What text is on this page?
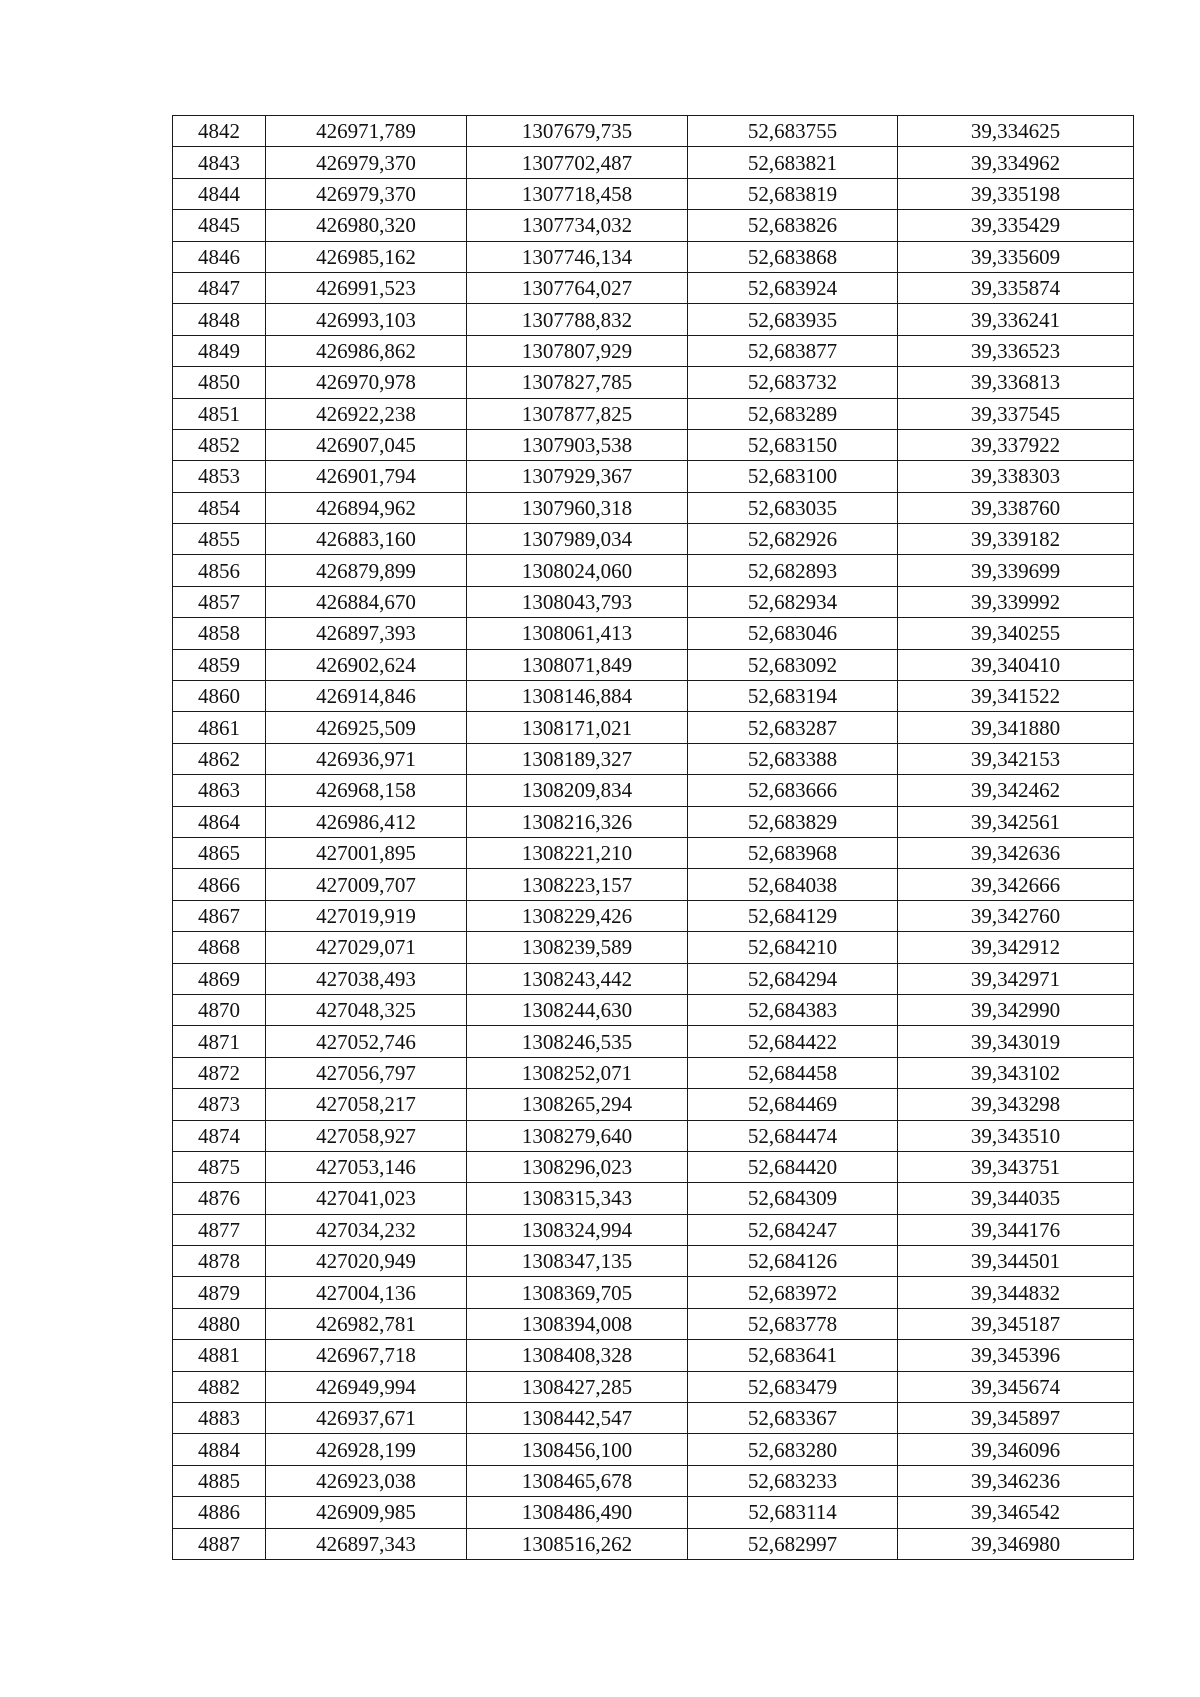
4842	426971,789	1307679,735	52,683755	39,334625
4843	426979,370	1307702,487	52,683821	39,334962
4844	426979,370	1307718,458	52,683819	39,335198
4845	426980,320	1307734,032	52,683826	39,335429
4846	426985,162	1307746,134	52,683868	39,335609
4847	426991,523	1307764,027	52,683924	39,335874
4848	426993,103	1307788,832	52,683935	39,336241
4849	426986,862	1307807,929	52,683877	39,336523
4850	426970,978	1307827,785	52,683732	39,336813
4851	426922,238	1307877,825	52,683289	39,337545
4852	426907,045	1307903,538	52,683150	39,337922
4853	426901,794	1307929,367	52,683100	39,338303
4854	426894,962	1307960,318	52,683035	39,338760
4855	426883,160	1307989,034	52,682926	39,339182
4856	426879,899	1308024,060	52,682893	39,339699
4857	426884,670	1308043,793	52,682934	39,339992
4858	426897,393	1308061,413	52,683046	39,340255
4859	426902,624	1308071,849	52,683092	39,340410
4860	426914,846	1308146,884	52,683194	39,341522
4861	426925,509	1308171,021	52,683287	39,341880
4862	426936,971	1308189,327	52,683388	39,342153
4863	426968,158	1308209,834	52,683666	39,342462
4864	426986,412	1308216,326	52,683829	39,342561
4865	427001,895	1308221,210	52,683968	39,342636
4866	427009,707	1308223,157	52,684038	39,342666
4867	427019,919	1308229,426	52,684129	39,342760
4868	427029,071	1308239,589	52,684210	39,342912
4869	427038,493	1308243,442	52,684294	39,342971
4870	427048,325	1308244,630	52,684383	39,342990
4871	427052,746	1308246,535	52,684422	39,343019
4872	427056,797	1308252,071	52,684458	39,343102
4873	427058,217	1308265,294	52,684469	39,343298
4874	427058,927	1308279,640	52,684474	39,343510
4875	427053,146	1308296,023	52,684420	39,343751
4876	427041,023	1308315,343	52,684309	39,344035
4877	427034,232	1308324,994	52,684247	39,344176
4878	427020,949	1308347,135	52,684126	39,344501
4879	427004,136	1308369,705	52,683972	39,344832
4880	426982,781	1308394,008	52,683778	39,345187
4881	426967,718	1308408,328	52,683641	39,345396
4882	426949,994	1308427,285	52,683479	39,345674
4883	426937,671	1308442,547	52,683367	39,345897
4884	426928,199	1308456,100	52,683280	39,346096
4885	426923,038	1308465,678	52,683233	39,346236
4886	426909,985	1308486,490	52,683114	39,346542
4887	426897,343	1308516,262	52,682997	39,346980
